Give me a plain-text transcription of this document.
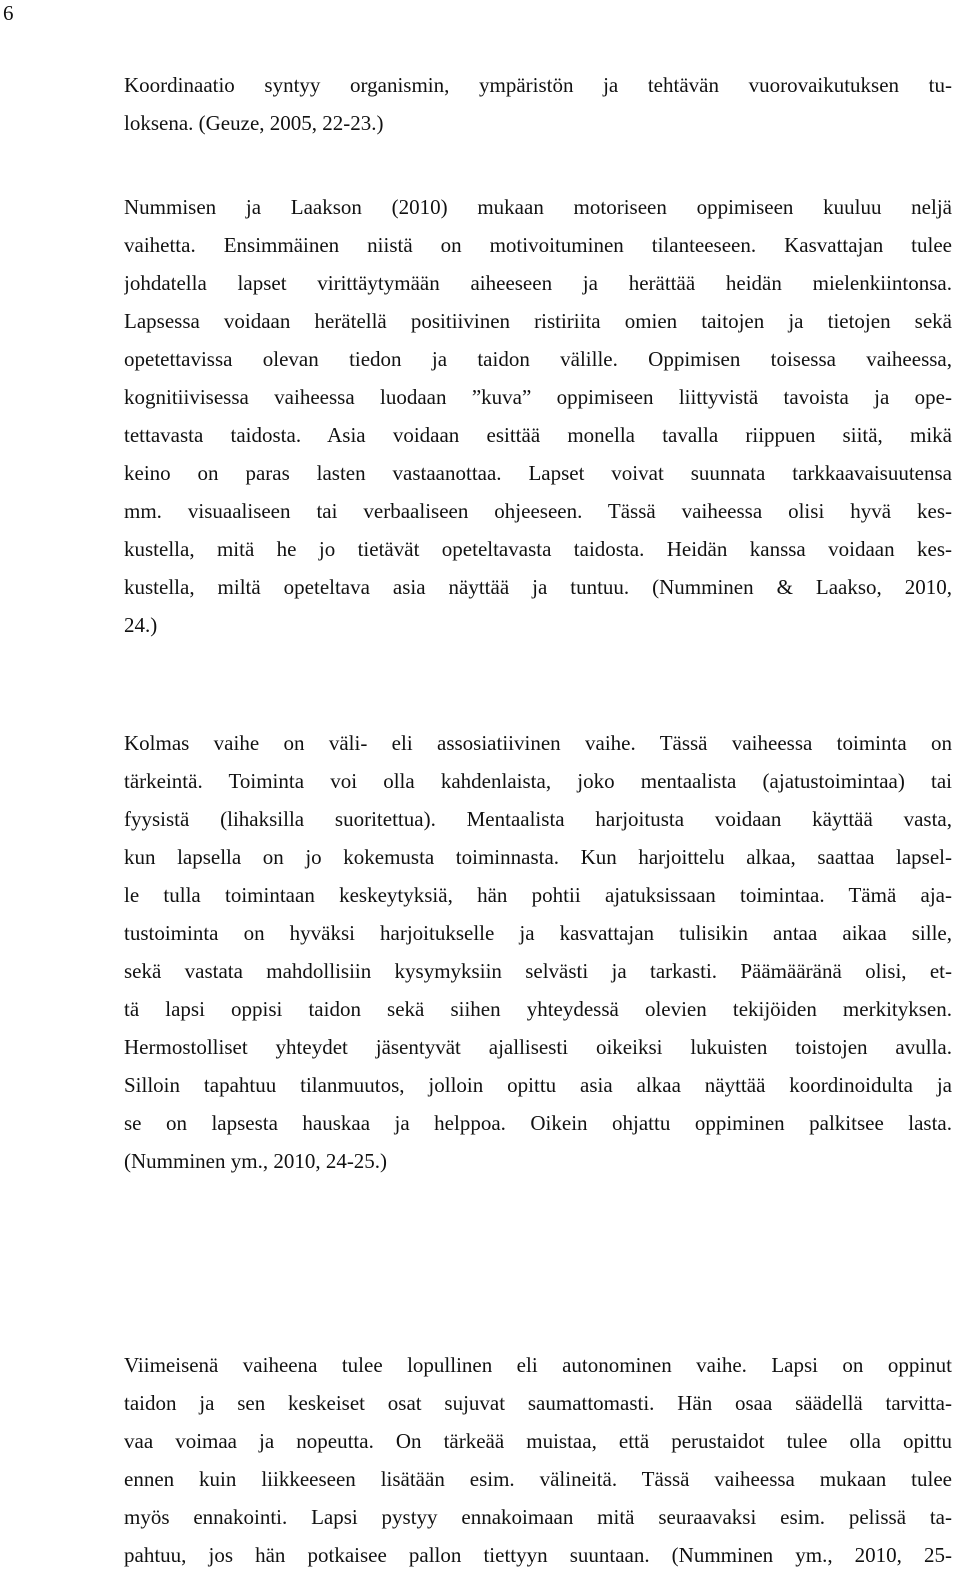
6
Koordinaatio syntyy organismin, ympäristön ja tehtävän vuorovaikutuksen tu-
loksena. (Geuze, 2005, 22-23.)
Nummisen ja Laakson (2010) mukaan motoriseen oppimiseen kuuluu neljä
vaihetta. Ensimmäinen niistä on motivoituminen tilanteeseen. Kasvattajan tulee
johdatella lapset virittäytymään aiheeseen ja herättää heidän mielenkiintonsa.
Lapsessa voidaan herätellä positiivinen ristiriita omien taitojen ja tietojen sekä
opetettavissa olevan tiedon ja taidon välille. Oppimisen toisessa vaiheessa,
kognitiivisessa vaiheessa luodaan ”kuva” oppimiseen liittyvistä tavoista ja ope-
tettavasta taidosta. Asia voidaan esittää monella tavalla riippuen siitä, mikä
keino on paras lasten vastaanottaa. Lapset voivat suunnata tarkkaavaisuutensa
mm. visuaaliseen tai verbaaliseen ohjeeseen. Tässä vaiheessa olisi hyvä kes-
kustella, mitä he jo tietävät opeteltavasta taidosta. Heidän kanssa voidaan kes-
kustella, miltä opeteltava asia näyttää ja tuntuu. (Numminen & Laakso, 2010,
24.)
Kolmas vaihe on väli- eli assosiatiivinen vaihe. Tässä vaiheessa toiminta on
tärkeintä. Toiminta voi olla kahdenlaista, joko mentaalista (ajatustoimintaa) tai
fyysistä (lihaksilla suoritettua). Mentaalista harjoitusta voidaan käyttää vasta,
kun lapsella on jo kokemusta toiminnasta. Kun harjoittelu alkaa, saattaa lapsel-
le tulla toimintaan keskeytyksiä, hän pohtii ajatuksissaan toimintaa. Tämä aja-
tustoiminta on hyväksi harjoitukselle ja kasvattajan tulisikin antaa aikaa sille,
sekä vastata mahdollisiin kysymyksiin selvästi ja tarkasti. Päämääränä olisi, et-
tä lapsi oppisi taidon sekä siihen yhteydessä olevien tekijöiden merkityksen.
Hermostolliset yhteydet jäsentyvät ajallisesti oikeiksi lukuisten toistojen avulla.
Silloin tapahtuu tilanmuutos, jolloin opittu asia alkaa näyttää koordinoidulta ja
se on lapsesta hauskaa ja helppoa. Oikein ohjattu oppiminen palkitsee lasta.
(Numminen ym., 2010, 24-25.)
Viimeisenä vaiheena tulee lopullinen eli autonominen vaihe. Lapsi on oppinut
taidon ja sen keskeiset osat sujuvat saumattomasti. Hän osaa säädellä tarvitta-
vaa voimaa ja nopeutta. On tärkeää muistaa, että perustaidot tulee olla opittu
ennen kuin liikkeeseen lisätään esim. välineitä. Tässä vaiheessa mukaan tulee
myös ennakointi. Lapsi pystyy ennakoimaan mitä seuraavaksi esim. pelissä ta-
pahtuu, jos hän potkaisee pallon tiettyyn suuntaan. (Numminen ym., 2010, 25-
